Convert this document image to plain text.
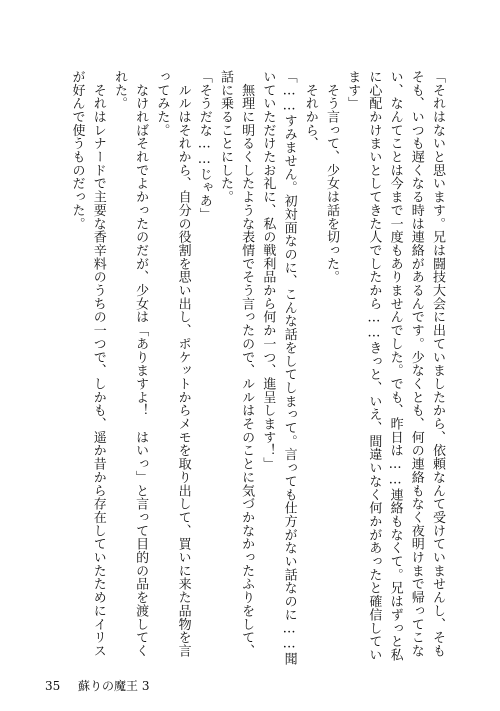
「それはないと思います。兄は闘技大会に出ていましたから、依頼なんて受けていませんし、そもそも、いつも遅くなる時は連絡があるんです。少なくとも、何の連絡もなく夜明けまで帰ってこない、なんてことは今まで一度もありませんでした。でも、昨日は……連絡もなくて。兄はずっと私に心配かけまいとしてきた人でしたから……きっと、いえ、間違いなく何かがあったと確信しています」

　そう言って、少女は話を切った。

　それから、

「……すみません。初対面なのに、こんな話をしてしまって。言っても仕方がない話なのに……聞いていただけたお礼に、私の戦利品から何か一つ、進呈します！」

　無理に明るくしたような表情でそう言ったので、ルルはそのことに気づかなかったふりをして、話に乗ることにした。

「そうだな……じゃあ」

　ルルはそれから、自分の役割を思い出し、ポケットからメモを取り出して、買いに来た品物を言ってみた。

　なければそれでよかったのだが、少女は「ありますよ！　はいっ」と言って目的の品を渡してくれた。

　それはレナードで主要な香辛料のうちの一つで、しかも、遥か昔から存在していたためにイリスが好んで使うものだった。

35 蘇りの魔王 3
